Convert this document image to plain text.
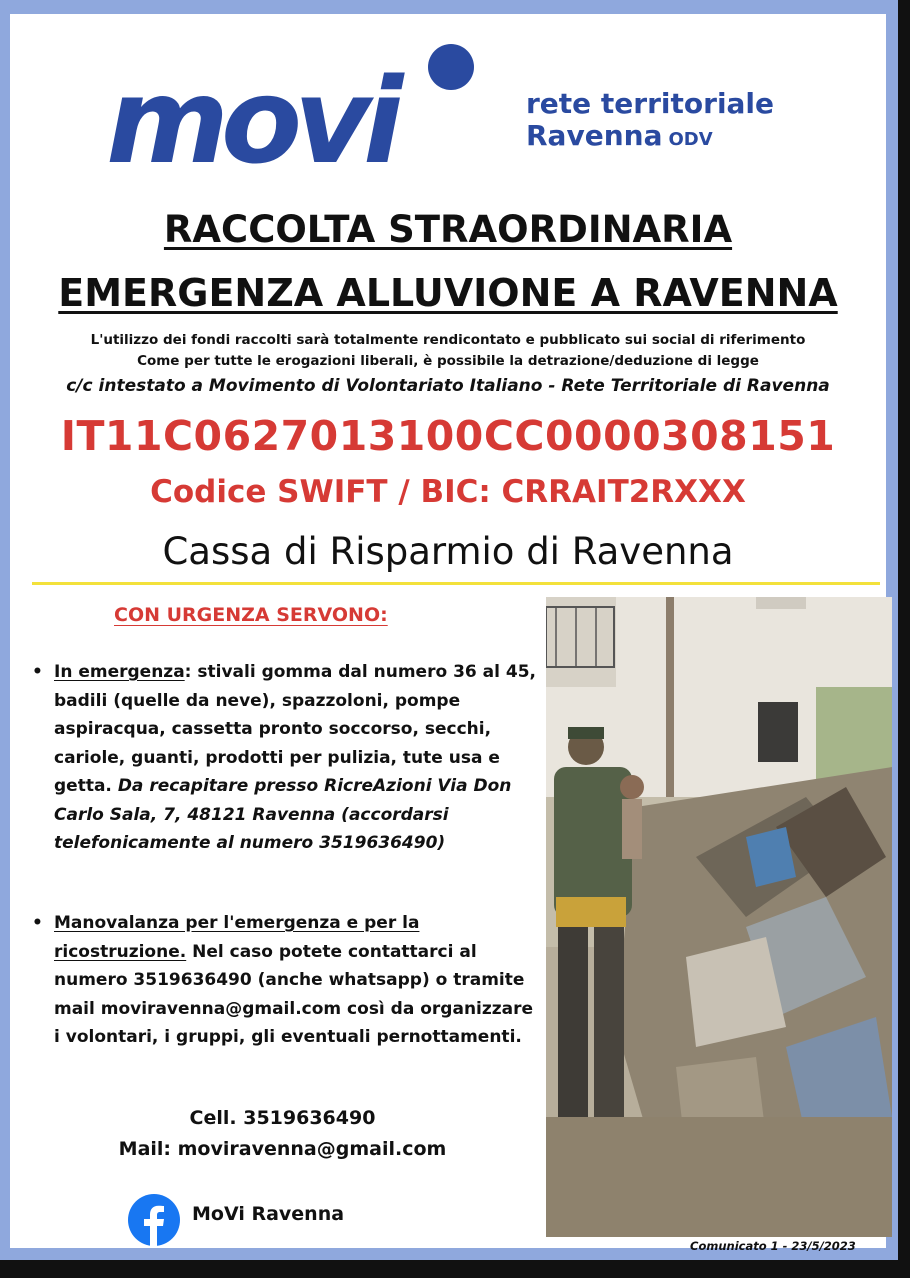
movi	rete territoriale
Ravenna ODV
RACCOLTA STRAORDINARIA
EMERGENZA ALLUVIONE A RAVENNA
L'utilizzo dei fondi raccolti sarà totalmente rendicontato e pubblicato sui social di riferimento
Come per tutte le erogazioni liberali, è possibile la detrazione/deduzione di legge
c/c intestato a Movimento di Volontariato Italiano - Rete Territoriale di Ravenna
IT11C0627013100CC0000308151
Codice SWIFT / BIC: CRRAIT2RXXX
Cassa di Risparmio di Ravenna
CON URGENZA SERVONO:
• In emergenza: stivali gomma dal numero 36 al 45, badili (quelle da neve), spazzoloni, pompe aspiracqua, cassetta pronto soccorso, secchi, cariole, guanti, prodotti per pulizia, tute usa e getta. Da recapitare presso RicreAzioni Via Don Carlo Sala, 7, 48121 Ravenna (accordarsi telefonicamente al numero 3519636490)
• Manovalanza per l'emergenza e per la ricostruzione. Nel caso potete contattarci al numero 3519636490 (anche whatsapp) o tramite mail moviravenna@gmail.com così da organizzare i volontari, i gruppi, gli eventuali pernottamenti.
Cell. 3519636490
Mail: moviravenna@gmail.com
MoVi Ravenna
Comunicato 1 - 23/5/2023
